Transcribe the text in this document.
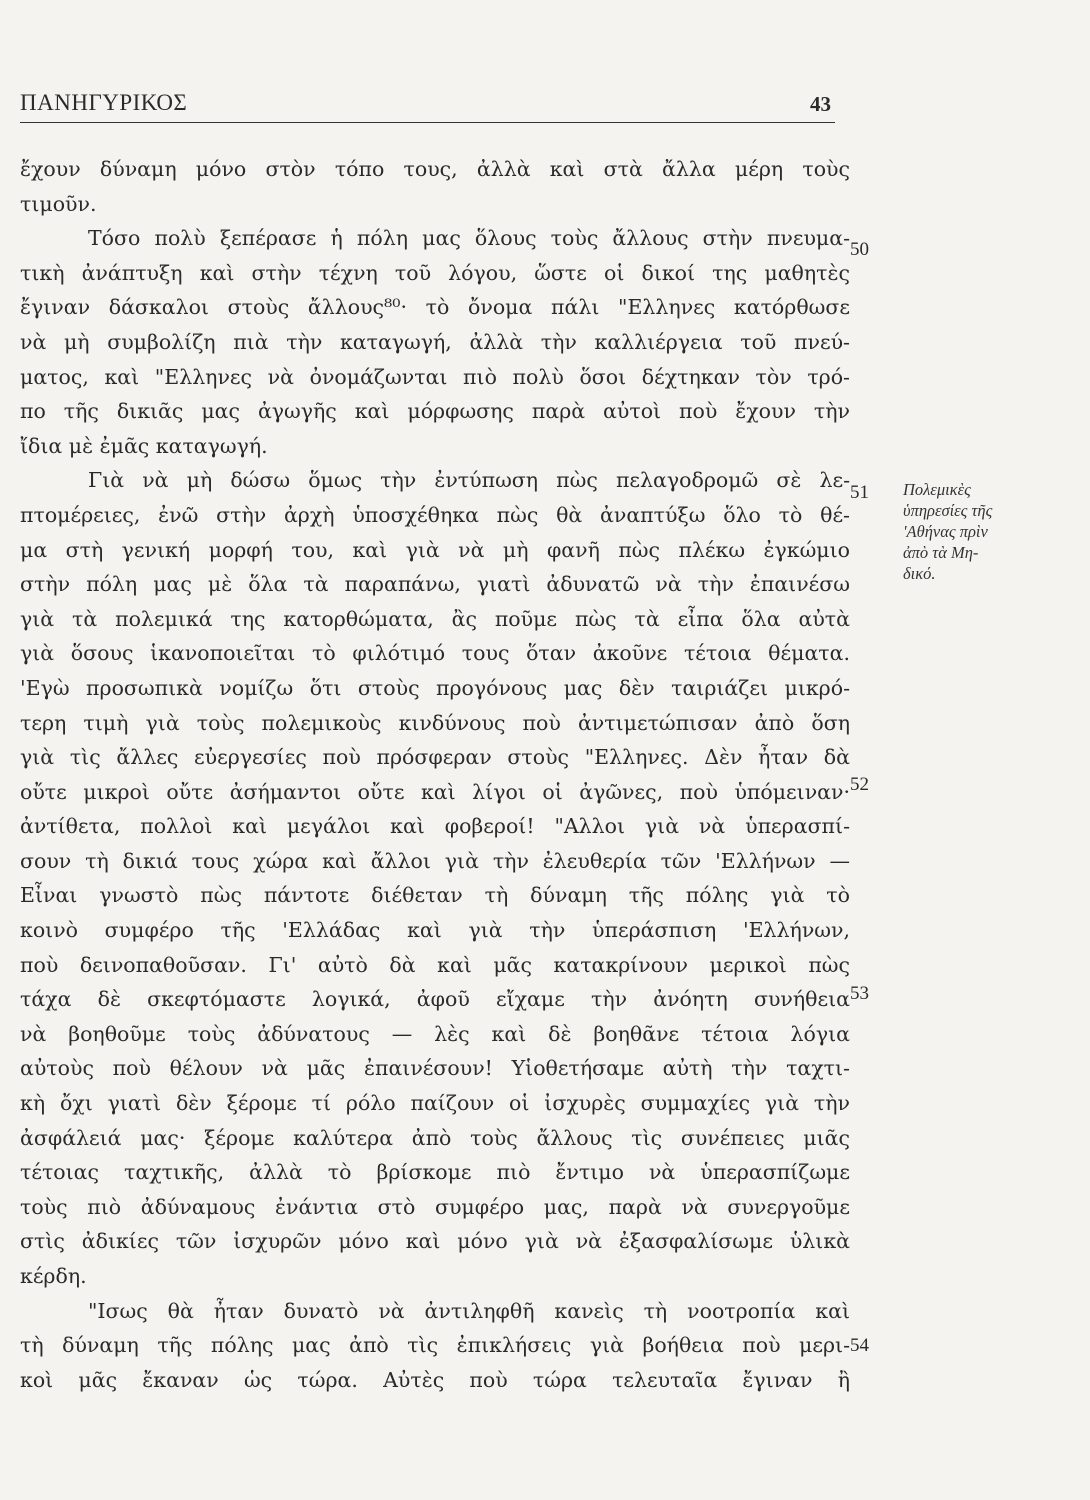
ΠΑΝΗΓΥΡΙΚΟΣ	43
ἔχουν δύναμη μόνο στὸν τόπο τους, ἀλλὰ καὶ στὰ ἄλλα μέρη τοὺς
τιμοῦν.
Τόσο πολὺ ξεπέρασε ἡ πόλη μας ὅλους τοὺς ἄλλους στὴν πνευμα-
τικὴ ἀνάπτυξη καὶ στὴν τέχνη τοῦ λόγου, ὥστε οἱ δικοί της μαθητὲς
ἔγιναν δάσκαλοι στοὺς ἄλλους⁸⁰· τὸ ὄνομα πάλι "Ελληνες κατόρθωσε
νὰ μὴ συμβολίζη πιὰ τὴν καταγωγή, ἀλλὰ τὴν καλλιέργεια τοῦ πνεύ-
ματος, καὶ "Ελληνες νὰ ὀνομάζωνται πιὸ πολὺ ὅσοι δέχτηκαν τὸν τρό-
πο τῆς δικιᾶς μας ἀγωγῆς καὶ μόρφωσης παρὰ αὐτοὶ ποὺ ἔχουν τὴν
ἴδια μὲ ἐμᾶς καταγωγή.
Γιὰ νὰ μὴ δώσω ὅμως τὴν ἐντύπωση πὼς πελαγοδρομῶ σὲ λε-
πτομέρειες, ἐνῶ στὴν ἀρχὴ ὑποσχέθηκα πὼς θὰ ἀναπτύξω ὅλο τὸ θέ-
μα στὴ γενική μορφή του, καὶ γιὰ νὰ μὴ φανῆ πὼς πλέκω ἐγκώμιο
στὴν πόλη μας μὲ ὅλα τὰ παραπάνω, γιατὶ ἀδυνατῶ νὰ τὴν ἐπαινέσω
γιὰ τὰ πολεμικά της κατορθώματα, ἂς ποῦμε πὼς τὰ εἶπα ὅλα αὐτὰ
γιὰ ὅσους ἱκανοποιεῖται τὸ φιλότιμό τους ὅταν ἀκοῦνε τέτοια θέματα.
'Εγὼ προσωπικὰ νομίζω ὅτι στοὺς προγόνους μας δὲν ταιριάζει μικρό-
τερη τιμὴ γιὰ τοὺς πολεμικοὺς κινδύνους ποὺ ἀντιμετώπισαν ἀπὸ ὅση
γιὰ τὶς ἄλλες εὐεργεσίες ποὺ πρόσφεραν στοὺς "Ελληνες. Δὲν ἦταν δὰ
οὔτε μικροὶ οὔτε ἀσήμαντοι οὔτε καὶ λίγοι οἱ ἀγῶνες, ποὺ ὑπόμειναν·
ἀντίθετα, πολλοὶ καὶ μεγάλοι καὶ φοβεροί! "Αλλοι γιὰ νὰ ὑπερασπί-
σουν τὴ δικιά τους χώρα καὶ ἄλλοι γιὰ τὴν ἐλευθερία τῶν 'Ελλήνων —
Εἶναι γνωστὸ πὼς πάντοτε διέθεταν τὴ δύναμη τῆς πόλης γιὰ τὸ
κοινὸ συμφέρο τῆς 'Ελλάδας καὶ γιὰ τὴν ὑπεράσπιση 'Ελλήνων,
ποὺ δεινοπαθοῦσαν. Γι' αὐτὸ δὰ καὶ μᾶς κατακρίνουν μερικοὶ πὼς
τάχα δὲ σκεφτόμαστε λογικά, ἀφοῦ εἴχαμε τὴν ἀνόητη συνήθεια
νὰ βοηθοῦμε τοὺς ἀδύνατους — λὲς καὶ δὲ βοηθᾶνε τέτοια λόγια
αὐτοὺς ποὺ θέλουν νὰ μᾶς ἐπαινέσουν! Υἱοθετήσαμε αὐτὴ τὴν ταχτι-
κὴ ὄχι γιατὶ δὲν ξέρομε τί ρόλο παίζουν οἱ ἰσχυρὲς συμμαχίες γιὰ τὴν
ἀσφάλειά μας· ξέρομε καλύτερα ἀπὸ τοὺς ἄλλους τὶς συνέπειες μιᾶς
τέτοιας ταχτικῆς, ἀλλὰ τὸ βρίσκομε πιὸ ἔντιμο νὰ ὑπερασπίζωμε
τοὺς πιὸ ἀδύναμους ἐνάντια στὸ συμφέρο μας, παρὰ νὰ συνεργοῦμε
στὶς ἀδικίες τῶν ἰσχυρῶν μόνο καὶ μόνο γιὰ νὰ ἐξασφαλίσωμε ὑλικὰ
κέρδη.
"Ισως θὰ ἦταν δυνατὸ νὰ ἀντιληφθῆ κανεὶς τὴ νοοτροπία καὶ
τὴ δύναμη τῆς πόλης μας ἀπὸ τὶς ἐπικλήσεις γιὰ βοήθεια ποὺ μερι-
κοὶ μᾶς ἔκαναν ὡς τώρα. Αὐτὲς ποὺ τώρα τελευταῖα ἔγιναν ἢ
50
51
52
53
54
Πολεμικὲς
ὑπηρεσίες τῆς
'Αθήνας πρὶν
ἀπὸ τὰ Μη-
δικό.
